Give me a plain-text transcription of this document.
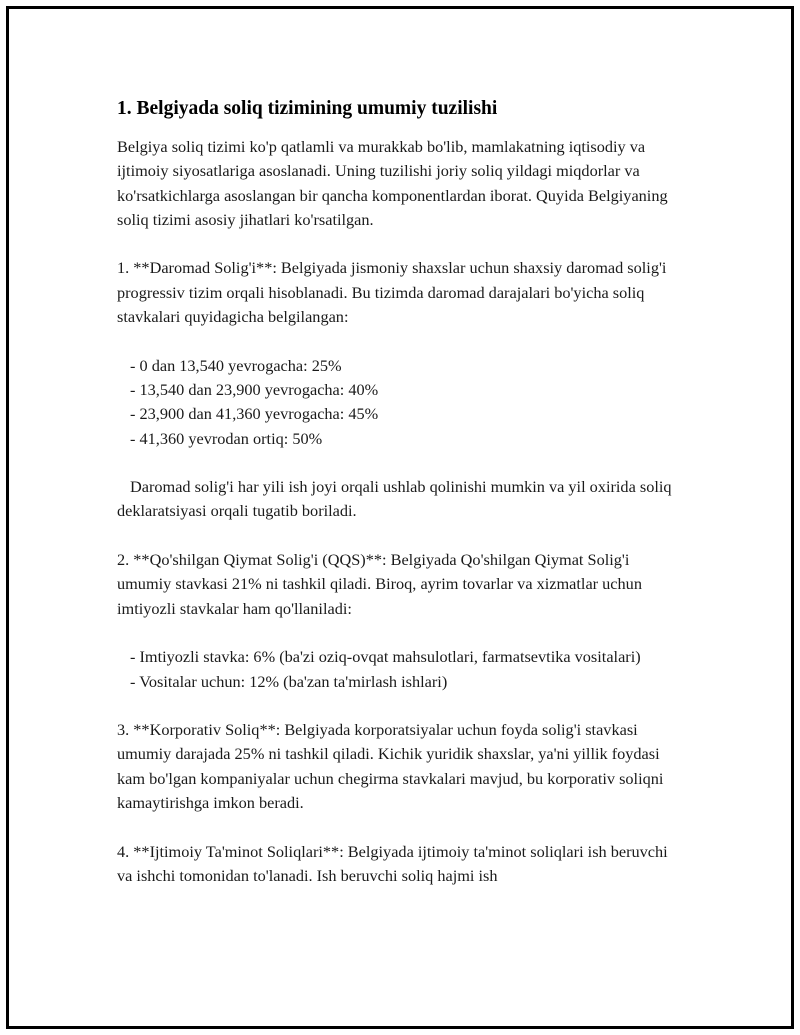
1. Belgiyada soliq tizimining umumiy tuzilishi

Belgiya soliq tizimi ko'p qatlamli va murakkab bo'lib, mamlakatning iqtisodiy va ijtimoiy siyosatlariga asoslanadi. Uning tuzilishi joriy soliq yildagi miqdorlar va ko'rsatkichlarga asoslangan bir qancha komponentlardan iborat. Quyida Belgiyaning soliq tizimi asosiy jihatlari ko'rsatilgan.

1. **Daromad Solig'i**: Belgiyada jismoniy shaxslar uchun shaxsiy daromad solig'i progressiv tizim orqali hisoblanadi. Bu tizimda daromad darajalari bo'yicha soliq stavkalari quyidagicha belgilangan:

- 0 dan 13,540 yevrogacha: 25%

- 13,540 dan 23,900 yevrogacha: 40%

- 23,900 dan 41,360 yevrogacha: 45%

- 41,360 yevrodan ortiq: 50%

Daromad solig'i har yili ish joyi orqali ushlab qolinishi mumkin va yil oxirida soliq deklaratsiyasi orqali tugatib boriladi.

2. **Qo'shilgan Qiymat Solig'i (QQS)**: Belgiyada Qo'shilgan Qiymat Solig'i umumiy stavkasi 21% ni tashkil qiladi. Biroq, ayrim tovarlar va xizmatlar uchun imtiyozli stavkalar ham qo'llaniladi:

- Imtiyozli stavka: 6% (ba'zi oziq-ovqat mahsulotlari, farmatsevtika vositalari)

- Vositalar uchun: 12% (ba'zan ta'mirlash ishlari)

3. **Korporativ Soliq**: Belgiyada korporatsiyalar uchun foyda solig'i stavkasi umumiy darajada 25% ni tashkil qiladi. Kichik yuridik shaxslar, ya'ni yillik foydasi kam bo'lgan kompaniyalar uchun chegirma stavkalari mavjud, bu korporativ soliqni kamaytirishga imkon beradi.

4. **Ijtimoiy Ta'minot Soliqlari**: Belgiyada ijtimoiy ta'minot soliqlari ish beruvchi va ishchi tomonidan to'lanadi. Ish beruvchi soliq hajmi ish
